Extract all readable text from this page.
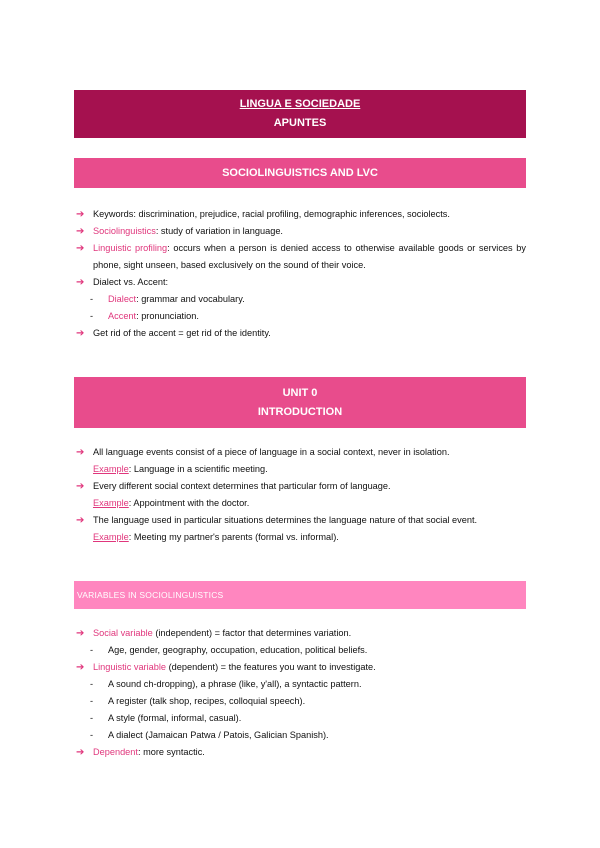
LINGUA E SOCIEDADE
APUNTES
SOCIOLINGUISTICS AND LVC
➔ Keywords: discrimination, prejudice, racial profiling, demographic inferences, sociolects.
➔ Sociolinguistics: study of variation in language.
➔ Linguistic profiling: occurs when a person is denied access to otherwise available goods or services by phone, sight unseen, based exclusively on the sound of their voice.
➔ Dialect vs. Accent:
- Dialect: grammar and vocabulary.
- Accent: pronunciation.
➔ Get rid of the accent = get rid of the identity.
UNIT 0
INTRODUCTION
➔ All language events consist of a piece of language in a social context, never in isolation.
Example: Language in a scientific meeting.
➔ Every different social context determines that particular form of language.
Example: Appointment with the doctor.
➔ The language used in particular situations determines the language nature of that social event.
Example: Meeting my partner's parents (formal vs. informal).
VARIABLES IN SOCIOLINGUISTICS
➔ Social variable (independent) = factor that determines variation.
- Age, gender, geography, occupation, education, political beliefs.
➔ Linguistic variable (dependent) = the features you want to investigate.
- A sound ch-dropping), a phrase (like, y'all), a syntactic pattern.
- A register (talk shop, recipes, colloquial speech).
- A style (formal, informal, casual).
- A dialect (Jamaican Patwa / Patois, Galician Spanish).
➔ Dependent: more syntactic.
